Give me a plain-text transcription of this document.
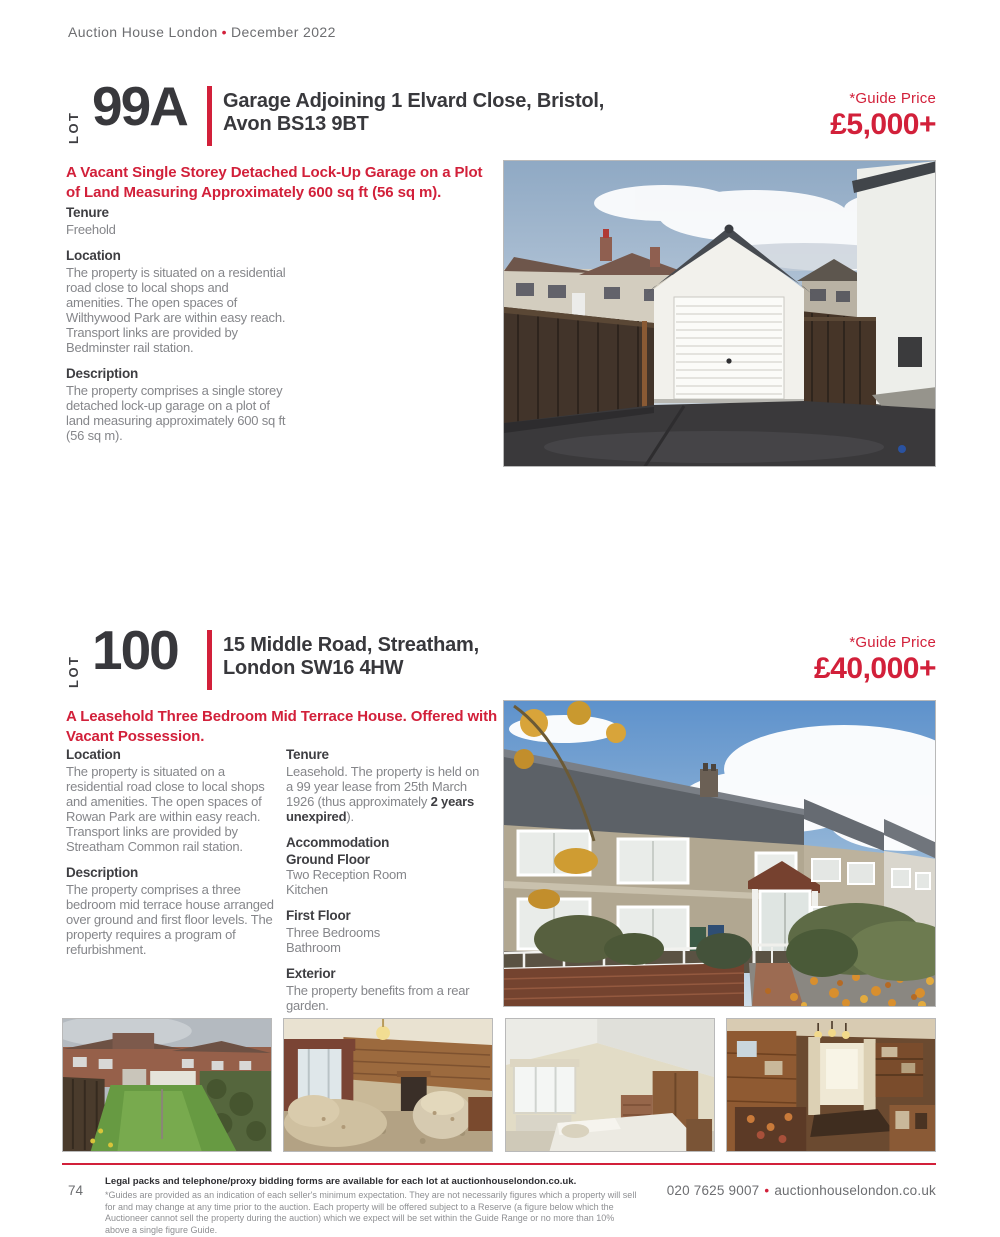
Auction House London • December 2022
LOT 99A Garage Adjoining 1 Elvard Close, Bristol,
Avon BS13 9BT
*Guide Price
£5,000+
A Vacant Single Storey Detached Lock-Up Garage on a Plot of Land Measuring Approximately 600 sq ft (56 sq m).
Tenure
Freehold
Location
The property is situated on a residential road close to local shops and amenities. The open spaces of Wilthywood Park are within easy reach. Transport links are provided by Bedminster rail station.
Description
The property comprises a single storey detached lock-up garage on a plot of land measuring approximately 600 sq ft (56 sq m).
LOT 100 15 Middle Road, Streatham,
London SW16 4HW
*Guide Price
£40,000+
A Leasehold Three Bedroom Mid Terrace House. Offered with Vacant Possession.
Location
The property is situated on a residential road close to local shops and amenities. The open spaces of Rowan Park are within easy reach. Transport links are provided by Streatham Common rail station.
Description
The property comprises a three bedroom mid terrace house arranged over ground and first floor levels. The property requires a program of refurbishment.
Tenure
Leasehold. The property is held on a 99 year lease from 25th March 1926 (thus approximately 2 years unexpired).
Accommodation
Ground Floor
Two Reception Room
Kitchen
First Floor
Three Bedrooms
Bathroom
Exterior
The property benefits from a rear garden.
74
Legal packs and telephone/proxy bidding forms are available for each lot at auctionhouselondon.co.uk.
*Guides are provided as an indication of each seller's minimum expectation. They are not necessarily figures which a property will sell for and may change at any time prior to the auction. Each property will be offered subject to a Reserve (a figure below which the Auctioneer cannot sell the property during the auction) which we expect will be set within the Guide Range or no more than 10% above a single figure Guide.
020 7625 9007 • auctionhouselondon.co.uk
